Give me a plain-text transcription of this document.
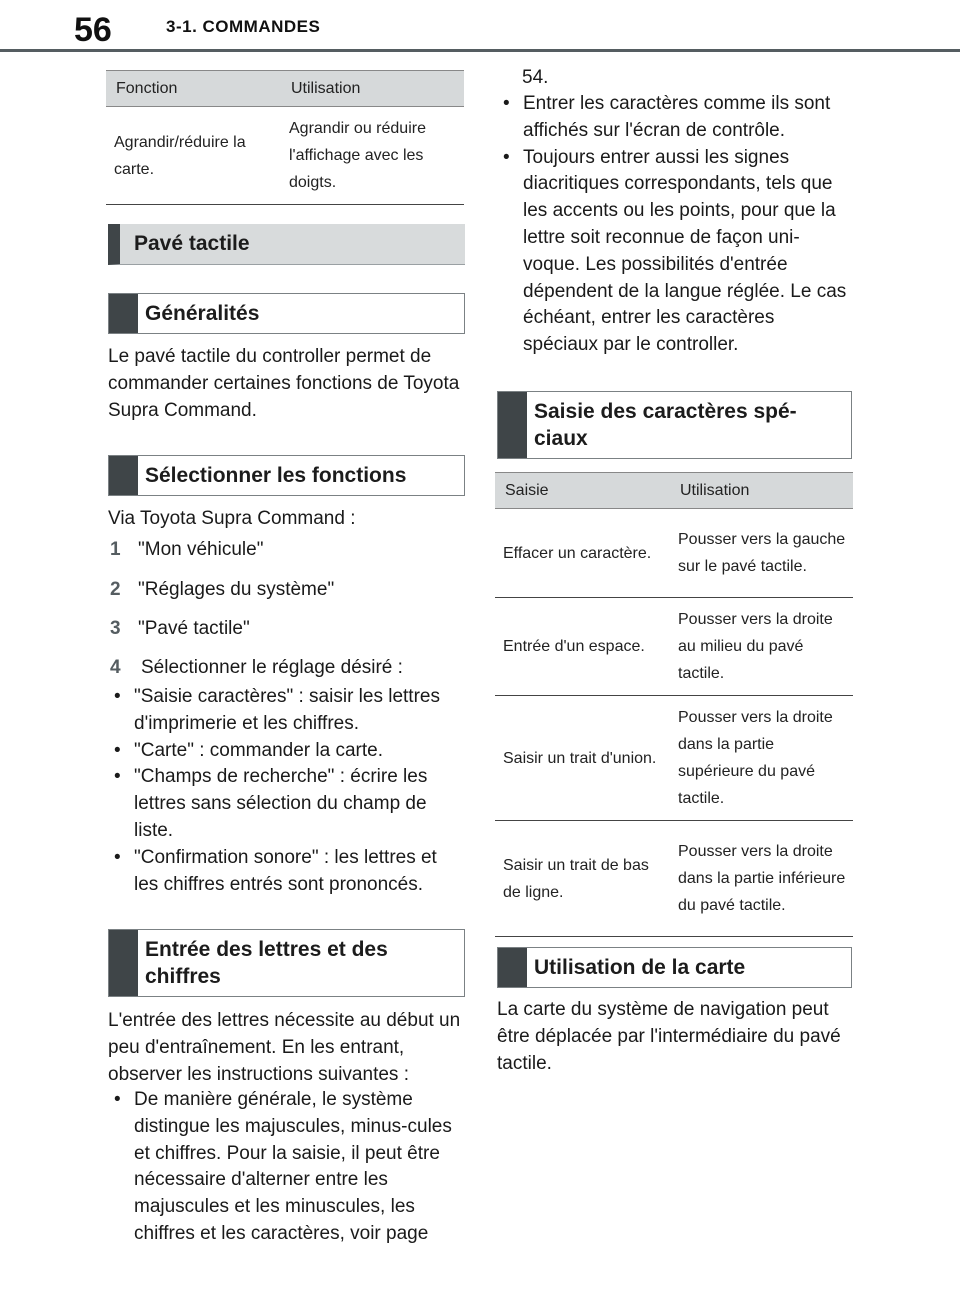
56	3-1. COMMANDES
Fonction	Utilisation
Agrandir/réduire la carte.	Agrandir ou réduire l'affichage avec les doigts.
Pavé tactile
Généralités
Le pavé tactile du controller permet de commander certaines fonctions de Toyota Supra Command.
Sélectionner les fonctions
Via Toyota Supra Command :
1 "Mon véhicule"
2 "Réglages du système"
3 "Pavé tactile"
4 Sélectionner le réglage désiré :
• "Saisie caractères" : saisir les lettres d'imprimerie et les chiffres.
• "Carte" : commander la carte.
• "Champs de recherche" : écrire les lettres sans sélection du champ de liste.
• "Confirmation sonore" : les lettres et les chiffres entrés sont prononcés.
Entrée des lettres et des chiffres
L'entrée des lettres nécessite au début un peu d'entraînement. En les entrant, observer les instructions suivantes :
• De manière générale, le système distingue les majuscules, minus-cules et chiffres. Pour la saisie, il peut être nécessaire d'alterner entre les majuscules et les minuscules, les chiffres et les caractères, voir page
54.
• Entrer les caractères comme ils sont affichés sur l'écran de contrôle.
• Toujours entrer aussi les signes diacritiques correspondants, tels que les accents ou les points, pour que la lettre soit reconnue de façon uni-voque. Les possibilités d'entrée dépendent de la langue réglée. Le cas échéant, entrer les caractères spéciaux par le controller.
Saisie des caractères spé-ciaux
Saisie	Utilisation
Effacer un caractère.	Pousser vers la gauche sur le pavé tactile.
Entrée d'un espace.	Pousser vers la droite au milieu du pavé tactile.
Saisir un trait d'union.	Pousser vers la droite dans la partie supérieure du pavé tactile.
Saisir un trait de bas de ligne.	Pousser vers la droite dans la partie inférieure du pavé tactile.
Utilisation de la carte
La carte du système de navigation peut être déplacée par l'intermédiaire du pavé tactile.
